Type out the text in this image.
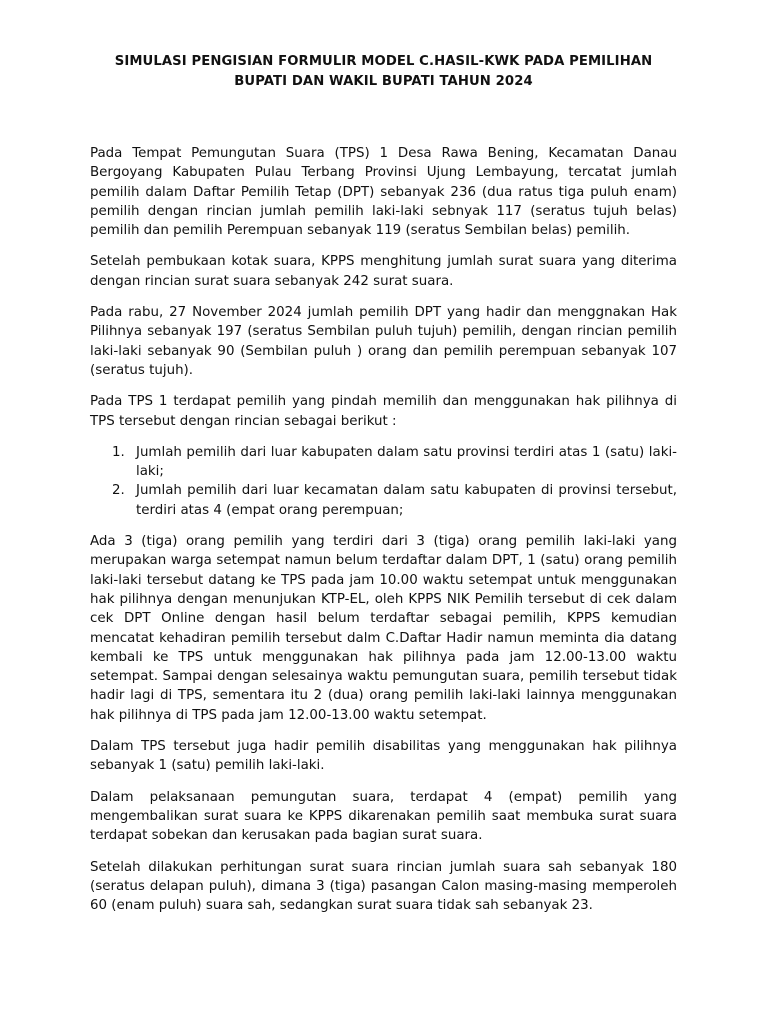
SIMULASI PENGISIAN FORMULIR MODEL C.HASIL-KWK PADA PEMILIHAN
BUPATI DAN WAKIL BUPATI TAHUN 2024

Pada Tempat Pemungutan Suara (TPS) 1 Desa Rawa Bening, Kecamatan Danau Bergoyang Kabupaten Pulau Terbang Provinsi Ujung Lembayung, tercatat jumlah pemilih dalam Daftar Pemilih Tetap (DPT) sebanyak 236 (dua ratus tiga puluh enam) pemilih dengan rincian jumlah pemilih laki-laki sebnyak 117 (seratus tujuh belas) pemilih dan pemilih Perempuan sebanyak 119 (seratus Sembilan belas) pemilih.

Setelah pembukaan kotak suara, KPPS menghitung jumlah surat suara yang diterima dengan rincian surat suara sebanyak 242 surat suara.

Pada rabu, 27 November 2024 jumlah pemilih DPT yang hadir dan menggnakan Hak Pilihnya sebanyak 197 (seratus Sembilan puluh tujuh) pemilih, dengan rincian pemilih laki-laki sebanyak 90 (Sembilan puluh ) orang dan pemilih perempuan sebanyak 107 (seratus tujuh).

Pada TPS 1 terdapat pemilih yang pindah memilih dan menggunakan hak pilihnya di TPS tersebut dengan rincian sebagai berikut :

1. Jumlah pemilih dari luar kabupaten dalam satu provinsi terdiri atas 1 (satu) laki-laki;
2. Jumlah pemilih dari luar kecamatan dalam satu kabupaten di provinsi tersebut, terdiri atas 4 (empat orang perempuan;

Ada 3 (tiga) orang pemilih yang terdiri dari 3 (tiga) orang pemilih laki-laki yang merupakan warga setempat namun belum terdaftar dalam DPT, 1 (satu) orang pemilih laki-laki tersebut datang ke TPS pada jam 10.00 waktu setempat untuk menggunakan hak pilihnya dengan menunjukan KTP-EL, oleh KPPS NIK Pemilih tersebut di cek dalam cek DPT Online dengan hasil belum terdaftar sebagai pemilih, KPPS kemudian mencatat kehadiran pemilih tersebut dalm C.Daftar Hadir namun meminta dia datang kembali ke TPS untuk menggunakan hak pilihnya pada jam 12.00-13.00 waktu setempat. Sampai dengan selesainya waktu pemungutan suara, pemilih tersebut tidak hadir lagi di TPS, sementara itu 2 (dua) orang pemilih laki-laki lainnya menggunakan hak pilihnya di TPS pada jam 12.00-13.00 waktu setempat.

Dalam TPS tersebut juga hadir pemilih disabilitas yang menggunakan hak pilihnya sebanyak 1 (satu) pemilih laki-laki.

Dalam pelaksanaan pemungutan suara, terdapat 4 (empat) pemilih yang mengembalikan surat suara ke KPPS dikarenakan pemilih saat membuka surat suara terdapat sobekan dan kerusakan pada bagian surat suara.

Setelah dilakukan perhitungan surat suara rincian jumlah suara sah sebanyak 180 (seratus delapan puluh), dimana 3 (tiga) pasangan Calon masing-masing memperoleh 60 (enam puluh) suara sah, sedangkan surat suara tidak sah sebanyak 23.
